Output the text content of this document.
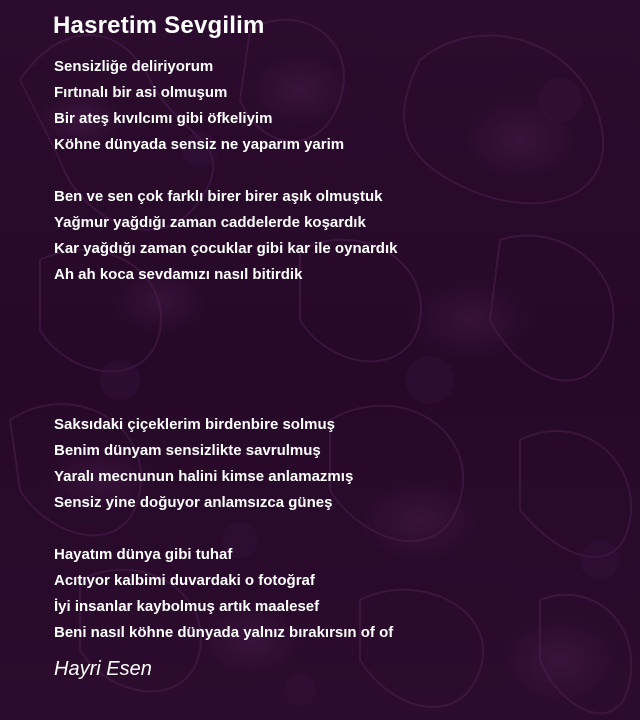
Hasretim Sevgilim
Sensizliğe deliriyorum
Fırtınalı bir asi olmuşum
Bir ateş kıvılcımı gibi öfkeliyim
Köhne dünyada sensiz ne yaparım yarim
Ben ve sen çok farklı birer birer aşık olmuştuk
Yağmur yağdığı zaman caddelerde koşardık
Kar yağdığı zaman çocuklar gibi kar ile oynardık
Ah ah koca sevdamızı nasıl bitirdik
Saksıdaki çiçeklerim birdenbire solmuş
Benim dünyam sensizlikte savrulmuş
Yaralı mecnunun halini kimse anlamazmış
Sensiz yine doğuyor anlamsızca güneş
Hayatım dünya gibi tuhaf
Acıtıyor kalbimi duvardaki o fotoğraf
İyi insanlar kaybolmuş artık maalesef
Beni nasıl köhne dünyada yalnız bırakırsın of of
Hayri Esen
